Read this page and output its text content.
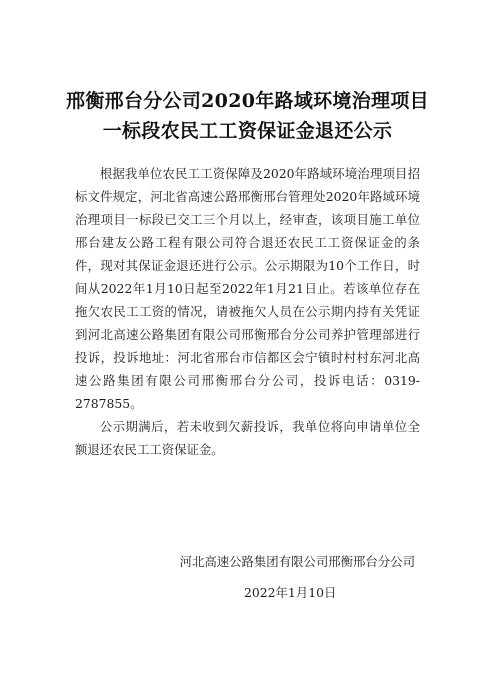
邢衡邢台分公司2020年路域环境治理项目
一标段农民工工资保证金退还公示

根据我单位农民工工资保障及2020年路域环境治理项目招标文件规定，河北省高速公路邢衡邢台管理处2020年路域环境治理项目一标段已交工三个月以上，经审查，该项目施工单位邢台建友公路工程有限公司符合退还农民工工资保证金的条件，现对其保证金退还进行公示。公示期限为10个工作日，时间从2022年1月10日起至2022年1月21日止。若该单位存在拖欠农民工工资的情况，请被拖欠人员在公示期内持有关凭证到河北高速公路集团有限公司邢衡邢台分公司养护管理部进行投诉，投诉地址：河北省邢台市信都区会宁镇时村村东河北高速公路集团有限公司邢衡邢台分公司，投诉电话：0319-2787855。

公示期满后，若未收到欠薪投诉，我单位将向申请单位全额退还农民工工资保证金。

河北高速公路集团有限公司邢衡邢台分公司
2022年1月10日
